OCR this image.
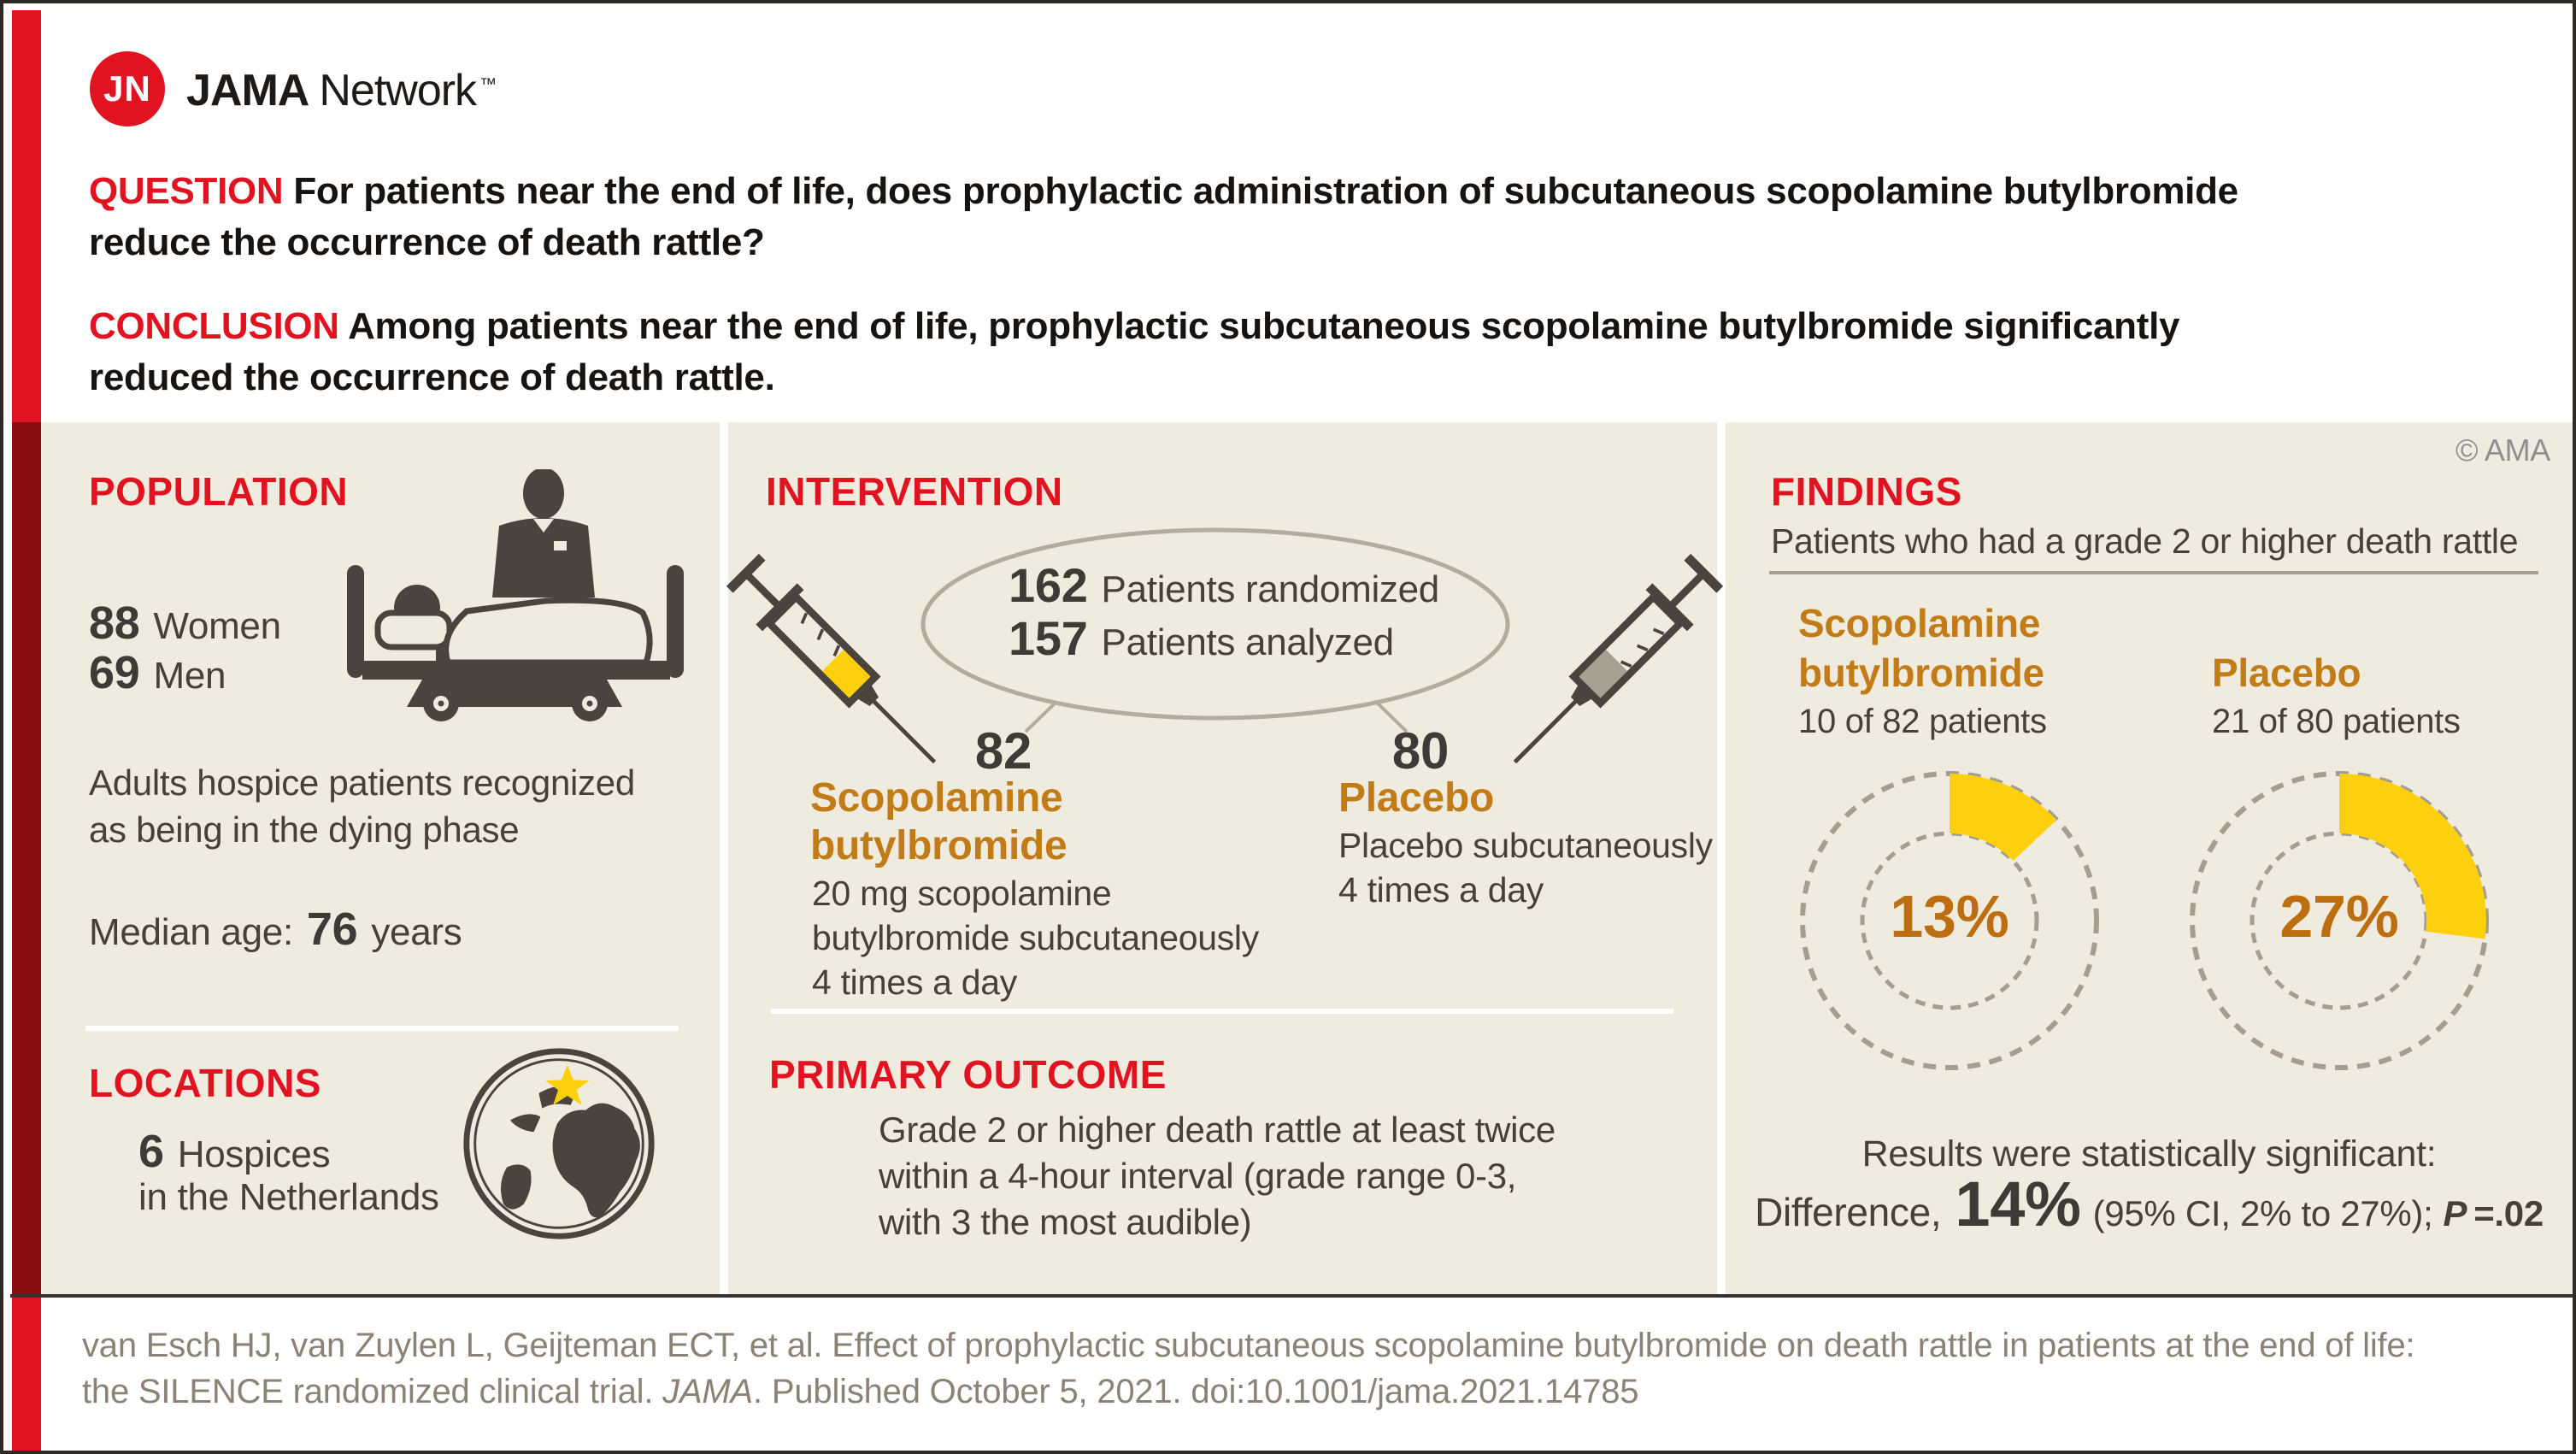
JN JAMA Network ™
QUESTION For patients near the end of life, does prophylactic administration of subcutaneous scopolamine butylbromide reduce the occurrence of death rattle?
CONCLUSION Among patients near the end of life, prophylactic subcutaneous scopolamine butylbromide significantly reduced the occurrence of death rattle.
POPULATION
88 Women
69 Men
Adults hospice patients recognized as being in the dying phase
Median age: 76 years
LOCATIONS
6 Hospices
in the Netherlands
INTERVENTION
162 Patients randomized
157 Patients analyzed
82
Scopolamine
butylbromide
20 mg scopolamine
butylbromide subcutaneously
4 times a day
80
Placebo
Placebo subcutaneously
4 times a day
PRIMARY OUTCOME
Grade 2 or higher death rattle at least twice
within a 4-hour interval (grade range 0-3,
with 3 the most audible)
© AMA
FINDINGS
Patients who had a grade 2 or higher death rattle
Scopolamine
butylbromide	Placebo
10 of 82 patients	21 of 80 patients
13%	27%
Results were statistically significant:
Difference, 14% (95% CI, 2% to 27%); P =.02
van Esch HJ, van Zuylen L, Geijteman ECT, et al. Effect of prophylactic subcutaneous scopolamine butylbromide on death rattle in patients at the end of life:
the SILENCE randomized clinical trial. JAMA. Published October 5, 2021. doi:10.1001/jama.2021.14785
